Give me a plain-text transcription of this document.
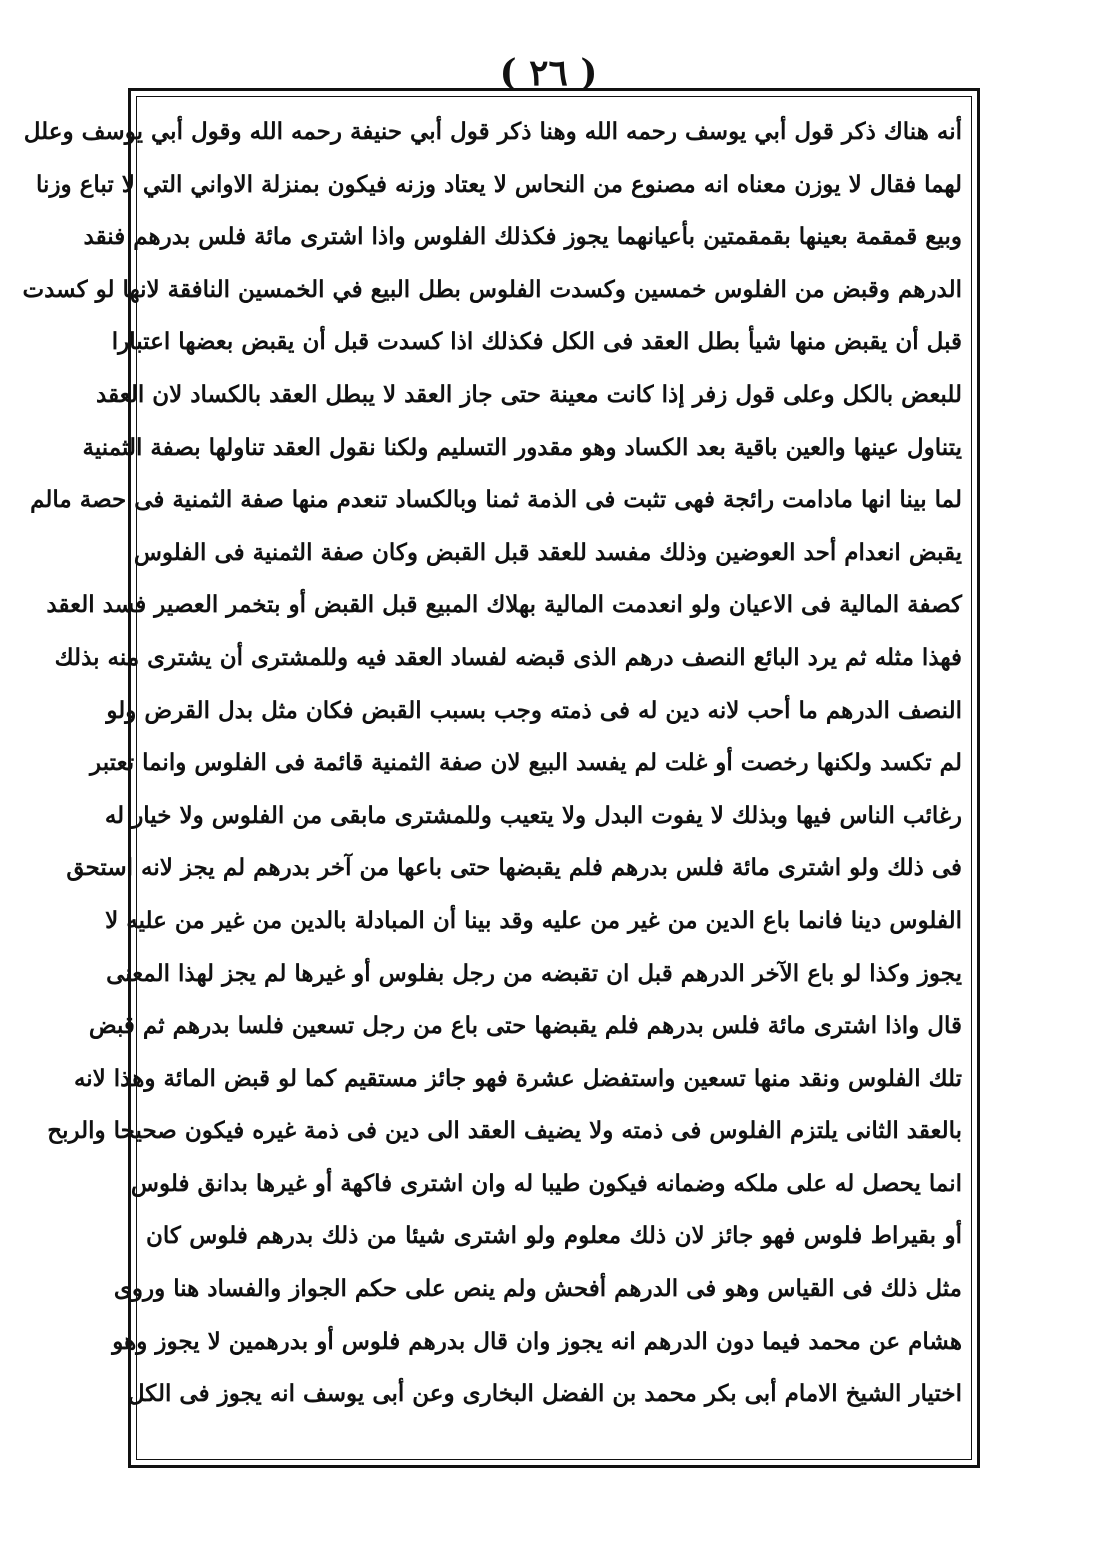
( ٢٦ )
أنه هناك ذكر قول أبي يوسف رحمه الله وهنا ذكر قول أبي حنيفة رحمه الله وقول أبي يوسف وعلل
لهما فقال لا يوزن معناه انه مصنوع من النحاس لا يعتاد وزنه فيكون بمنزلة الاواني التي لا تباع وزنا
وبيع قمقمة بعينها بقمقمتين بأعيانهما يجوز فكذلك الفلوس واذا اشترى مائة فلس بدرهم فنقد
الدرهم وقبض من الفلوس خمسين وكسدت الفلوس بطل البيع في الخمسين النافقة لانها لو كسدت
قبل أن يقبض منها شيأ بطل العقد فى الكل فكذلك اذا كسدت قبل أن يقبض بعضها اعتبارا
للبعض بالكل وعلى قول زفر إذا كانت معينة حتى جاز العقد لا يبطل العقد بالكساد لان العقد
يتناول عينها والعين باقية بعد الكساد وهو مقدور التسليم ولكنا نقول العقد تناولها بصفة الثمنية
لما بينا انها مادامت رائجة فهى تثبت فى الذمة ثمنا وبالكساد تنعدم منها صفة الثمنية فى حصة مالم
يقبض انعدام أحد العوضين وذلك مفسد للعقد قبل القبض وكان صفة الثمنية فى الفلوس
كصفة المالية فى الاعيان ولو انعدمت المالية بهلاك المبيع قبل القبض أو بتخمر العصير فسد العقد
فهذا مثله ثم يرد البائع النصف درهم الذى قبضه لفساد العقد فيه وللمشترى أن يشترى منه بذلك
النصف الدرهم ما أحب لانه دين له فى ذمته وجب بسبب القبض فكان مثل بدل القرض ولو
لم تكسد ولكنها رخصت أو غلت لم يفسد البيع لان صفة الثمنية قائمة فى الفلوس وانما تعتبر
رغائب الناس فيها وبذلك لا يفوت البدل ولا يتعيب وللمشترى مابقى من الفلوس ولا خيار له
فى ذلك ولو اشترى مائة فلس بدرهم فلم يقبضها حتى باعها من آخر بدرهم لم يجز لانه استحق
الفلوس دينا فانما باع الدين من غير من عليه وقد بينا أن المبادلة بالدين من غير من عليه لا
يجوز وكذا لو باع الآخر الدرهم قبل ان تقبضه من رجل بفلوس أو غيرها لم يجز لهذا المعنى
قال واذا اشترى مائة فلس بدرهم فلم يقبضها حتى باع من رجل تسعين فلسا بدرهم ثم قبض
تلك الفلوس ونقد منها تسعين واستفضل عشرة فهو جائز مستقيم كما لو قبض المائة وهذا لانه
بالعقد الثانى يلتزم الفلوس فى ذمته ولا يضيف العقد الى دين فى ذمة غيره فيكون صحيحا والربح
انما يحصل له على ملكه وضمانه فيكون طيبا له وان اشترى فاكهة أو غيرها بدانق فلوس
أو بقيراط فلوس فهو جائز لان ذلك معلوم ولو اشترى شيئا من ذلك بدرهم فلوس كان
مثل ذلك فى القياس وهو فى الدرهم أفحش ولم ينص على حكم الجواز والفساد هنا وروى
هشام عن محمد فيما دون الدرهم انه يجوز وان قال بدرهم فلوس أو بدرهمين لا يجوز وهو
اختيار الشيخ الامام أبى بكر محمد بن الفضل البخارى وعن أبى يوسف انه يجوز فى الكل
